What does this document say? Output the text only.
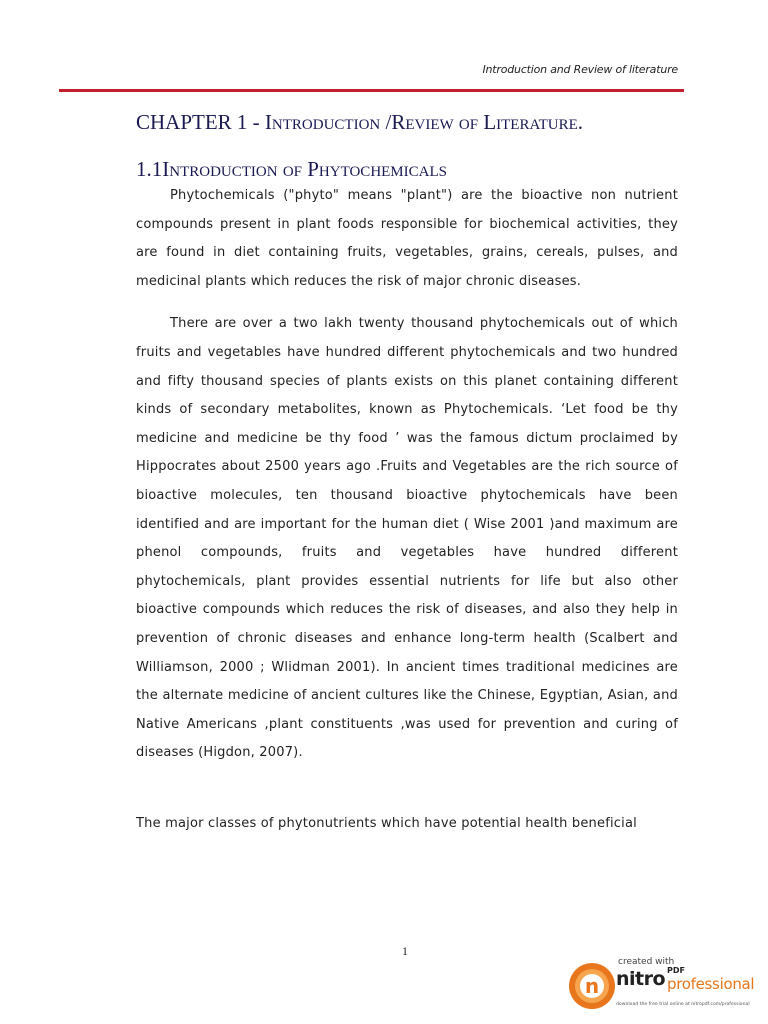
Introduction and Review of literature
CHAPTER 1 - Introduction /Review of Literature.
1.1Introduction of Phytochemicals

Phytochemicals ("phyto" means "plant") are the bioactive non nutrient compounds present in plant foods responsible for biochemical activities, they are found in diet containing fruits, vegetables, grains, cereals, pulses, and medicinal plants which reduces the risk of major chronic diseases.

There are over a two lakh twenty thousand phytochemicals out of which fruits and vegetables have hundred different phytochemicals and two hundred and fifty thousand species of plants exists on this planet containing different kinds of secondary metabolites, known as Phytochemicals. ‘Let food be thy medicine and medicine be thy food ’ was the famous dictum proclaimed by Hippocrates about 2500 years ago .Fruits and Vegetables are the rich source of bioactive molecules, ten thousand bioactive phytochemicals have been identified and are important for the human diet ( Wise 2001 )and maximum are phenol compounds, fruits and vegetables have hundred different phytochemicals, plant provides essential nutrients for life but also other bioactive compounds which reduces the risk of diseases, and also they help in prevention of chronic diseases and enhance long-term health (Scalbert and Williamson, 2000 ; Wlidman 2001). In ancient times traditional medicines are the alternate medicine of ancient cultures like the Chinese, Egyptian, Asian, and Native Americans ,plant constituents ,was used for prevention and curing of diseases (Higdon, 2007).

The major classes of phytonutrients which have potential health beneficial

1
n
created with
nitro PDF
professional
download the free trial online at nitropdf.com/professional
